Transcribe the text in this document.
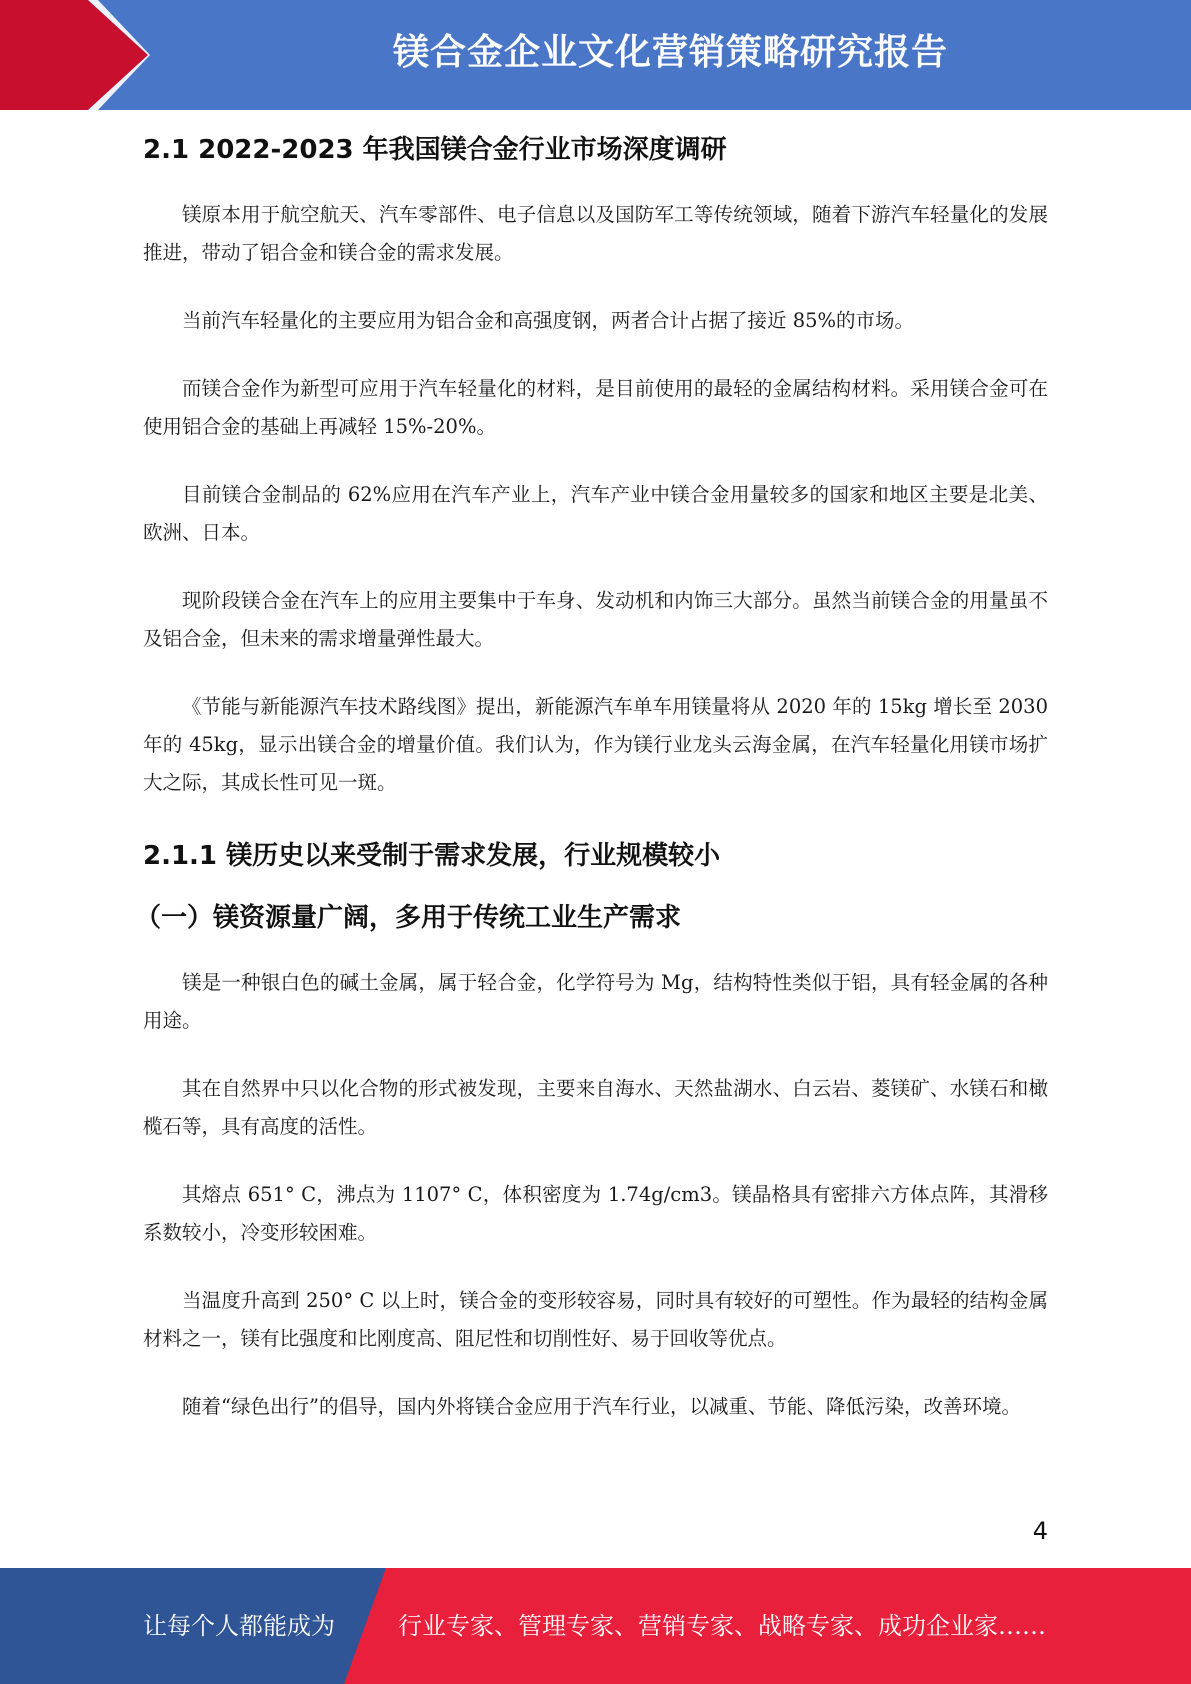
镁合金企业文化营销策略研究报告
2.1 2022-2023 年我国镁合金行业市场深度调研

镁原本用于航空航天、汽车零部件、电子信息以及国防军工等传统领域，随着下游汽车轻量化的发展推进，带动了铝合金和镁合金的需求发展。

当前汽车轻量化的主要应用为铝合金和高强度钢，两者合计占据了接近 85%的市场。

而镁合金作为新型可应用于汽车轻量化的材料，是目前使用的最轻的金属结构材料。采用镁合金可在使用铝合金的基础上再减轻 15%-20%。

目前镁合金制品的 62%应用在汽车产业上，汽车产业中镁合金用量较多的国家和地区主要是北美、欧洲、日本。

现阶段镁合金在汽车上的应用主要集中于车身、发动机和内饰三大部分。虽然当前镁合金的用量虽不及铝合金，但未来的需求增量弹性最大。

《节能与新能源汽车技术路线图》提出，新能源汽车单车用镁量将从 2020 年的 15kg 增长至 2030 年的 45kg，显示出镁合金的增量价值。我们认为，作为镁行业龙头云海金属，在汽车轻量化用镁市场扩大之际，其成长性可见一斑。

2.1.1 镁历史以来受制于需求发展，行业规模较小
（一）镁资源量广阔，多用于传统工业生产需求

镁是一种银白色的碱土金属，属于轻合金，化学符号为 Mg，结构特性类似于铝，具有轻金属的各种用途。

其在自然界中只以化合物的形式被发现，主要来自海水、天然盐湖水、白云岩、菱镁矿、水镁石和橄榄石等，具有高度的活性。

其熔点 651° C，沸点为 1107° C，体积密度为 1.74g/cm3。镁晶格具有密排六方体点阵，其滑移系数较小，冷变形较困难。

当温度升高到 250° C 以上时，镁合金的变形较容易，同时具有较好的可塑性。作为最轻的结构金属材料之一，镁有比强度和比刚度高、阻尼性和切削性好、易于回收等优点。

随着“绿色出行”的倡导，国内外将镁合金应用于汽车行业，以减重、节能、降低污染，改善环境。

4
让每个人都能成为	行业专家、管理专家、营销专家、战略专家、成功企业家……
